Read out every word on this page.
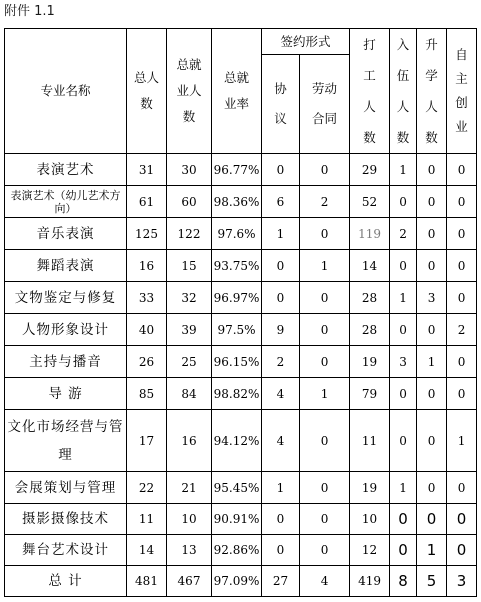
附件 1.1
专业名称	总人数	总就业人数	总就业率	签约形式		打工人数	入伍人数	升学人数	自主创业
				协议	劳动合同				
表演艺术	31	30	96.77%	0	0	29	1	0	0
表演艺术（幼儿艺术方向）	61	60	98.36%	6	2	52	0	0	0
音乐表演	125	122	97.6%	1	0	119	2	0	0
舞蹈表演	16	15	93.75%	0	1	14	0	0	0
文物鉴定与修复	33	32	96.97%	0	0	28	1	3	0
人物形象设计	40	39	97.5%	9	0	28	0	0	2
主持与播音	26	25	96.15%	2	0	19	3	1	0
导 游	85	84	98.82%	4	1	79	0	0	0
文化市场经营与管理	17	16	94.12%	4	0	11	0	0	1
会展策划与管理	22	21	95.45%	1	0	19	1	0	0
摄影摄像技术	11	10	90.91%	0	0	10	0	0	0
舞台艺术设计	14	13	92.86%	0	0	12	0	1	0
总 计	481	467	97.09%	27	4	419	8	5	3
